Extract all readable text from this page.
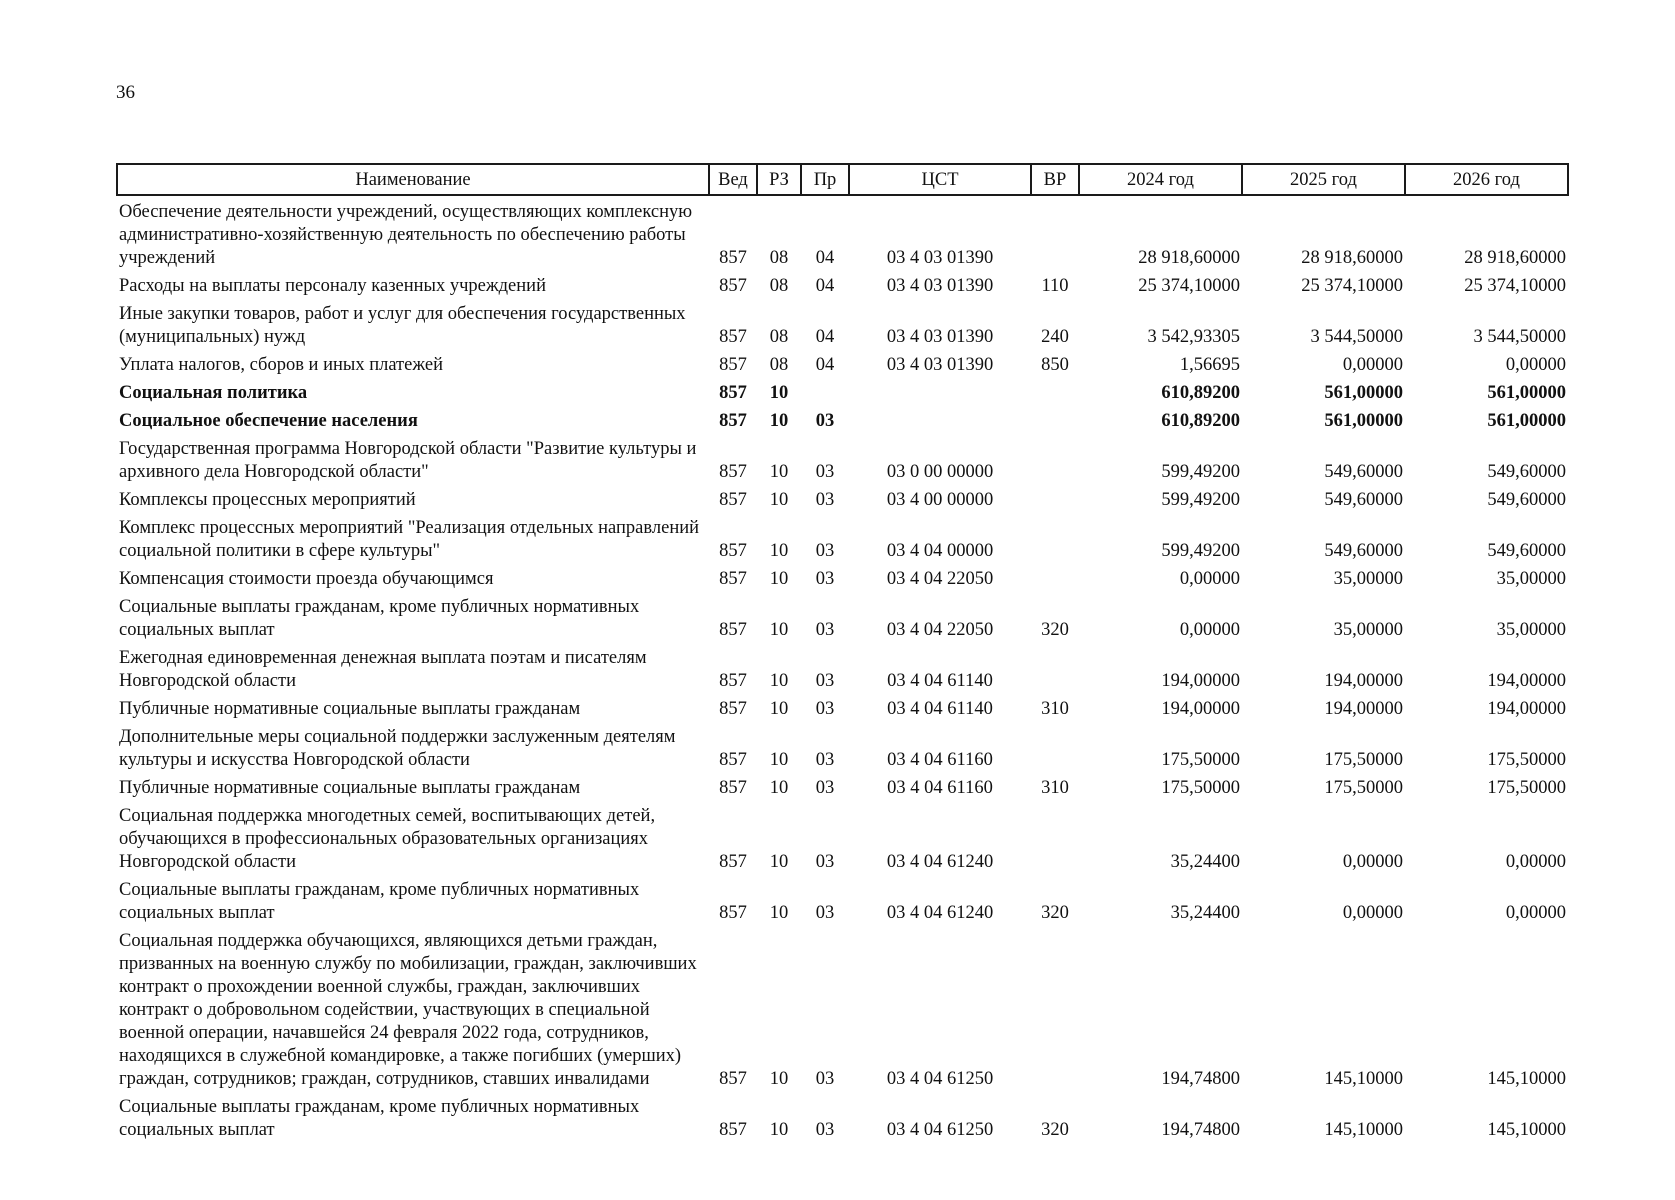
36
Наименование	Вед	РЗ	Пр	ЦСТ	ВР	2024 год	2025 год	2026 год
Обеспечение деятельности учреждений, осуществляющих комплексную административно-хозяйственную деятельность по обеспечению работы учреждений	857	08	04	03 4 03 01390		28 918,60000	28 918,60000	28 918,60000
Расходы на выплаты персоналу казенных учреждений	857	08	04	03 4 03 01390	110	25 374,10000	25 374,10000	25 374,10000
Иные закупки товаров, работ и услуг для обеспечения государственных (муниципальных) нужд	857	08	04	03 4 03 01390	240	3 542,93305	3 544,50000	3 544,50000
Уплата налогов, сборов и иных платежей	857	08	04	03 4 03 01390	850	1,56695	0,00000	0,00000
Социальная политика	857	10				610,89200	561,00000	561,00000
Социальное обеспечение населения	857	10	03			610,89200	561,00000	561,00000
Государственная программа Новгородской области "Развитие культуры и архивного дела Новгородской области"	857	10	03	03 0 00 00000		599,49200	549,60000	549,60000
Комплексы процессных мероприятий	857	10	03	03 4 00 00000		599,49200	549,60000	549,60000
Комплекс процессных мероприятий "Реализация отдельных направлений социальной политики в сфере культуры"	857	10	03	03 4 04 00000		599,49200	549,60000	549,60000
Компенсация стоимости проезда обучающимся	857	10	03	03 4 04 22050		0,00000	35,00000	35,00000
Социальные выплаты гражданам, кроме публичных нормативных социальных выплат	857	10	03	03 4 04 22050	320	0,00000	35,00000	35,00000
Ежегодная единовременная денежная выплата поэтам и писателям Новгородской области	857	10	03	03 4 04 61140		194,00000	194,00000	194,00000
Публичные нормативные социальные выплаты гражданам	857	10	03	03 4 04 61140	310	194,00000	194,00000	194,00000
Дополнительные меры социальной поддержки заслуженным деятелям культуры и искусства Новгородской области	857	10	03	03 4 04 61160		175,50000	175,50000	175,50000
Публичные нормативные социальные выплаты гражданам	857	10	03	03 4 04 61160	310	175,50000	175,50000	175,50000
Социальная поддержка многодетных семей, воспитывающих детей, обучающихся в профессиональных образовательных организациях Новгородской области	857	10	03	03 4 04 61240		35,24400	0,00000	0,00000
Социальные выплаты гражданам, кроме публичных нормативных социальных выплат	857	10	03	03 4 04 61240	320	35,24400	0,00000	0,00000
Социальная поддержка обучающихся, являющихся детьми граждан, призванных на военную службу по мобилизации, граждан, заключивших контракт о прохождении военной службы, граждан, заключивших контракт о добровольном содействии, участвующих в специальной военной операции, начавшейся 24 февраля 2022 года, сотрудников, находящихся в служебной командировке, а также погибших (умерших) граждан, сотрудников; граждан, сотрудников, ставших инвалидами	857	10	03	03 4 04 61250		194,74800	145,10000	145,10000
Социальные выплаты гражданам, кроме публичных нормативных социальных выплат	857	10	03	03 4 04 61250	320	194,74800	145,10000	145,10000
